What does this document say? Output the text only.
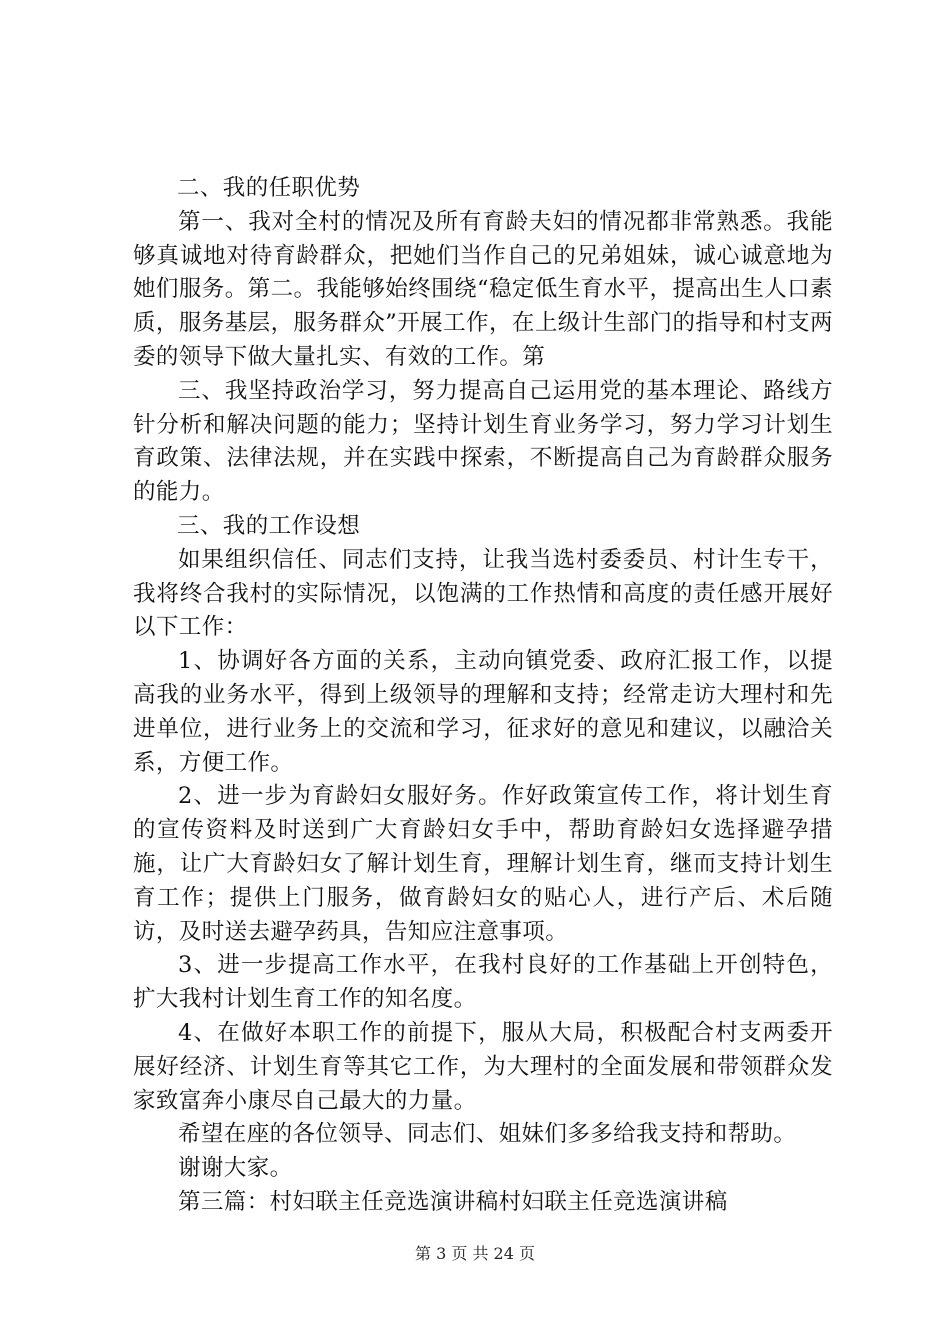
二、我的任职优势

第一、我对全村的情况及所有育龄夫妇的情况都非常熟悉。我能够真诚地对待育龄群众，把她们当作自己的兄弟姐妹，诚心诚意地为她们服务。第二。我能够始终围绕“稳定低生育水平，提高出生人口素质，服务基层，服务群众”开展工作，在上级计生部门的指导和村支两委的领导下做大量扎实、有效的工作。第

三、我坚持政治学习，努力提高自己运用党的基本理论、路线方针分析和解决问题的能力；坚持计划生育业务学习，努力学习计划生育政策、法律法规，并在实践中探索，不断提高自己为育龄群众服务的能力。

三、我的工作设想

如果组织信任、同志们支持，让我当选村委委员、村计生专干，我将终合我村的实际情况，以饱满的工作热情和高度的责任感开展好以下工作：

1、协调好各方面的关系，主动向镇党委、政府汇报工作，以提高我的业务水平，得到上级领导的理解和支持；经常走访大理村和先进单位，进行业务上的交流和学习，征求好的意见和建议，以融洽关系，方便工作。

2、进一步为育龄妇女服好务。作好政策宣传工作，将计划生育的宣传资料及时送到广大育龄妇女手中，帮助育龄妇女选择避孕措施，让广大育龄妇女了解计划生育，理解计划生育，继而支持计划生育工作；提供上门服务，做育龄妇女的贴心人，进行产后、术后随访，及时送去避孕药具，告知应注意事项。

3、进一步提高工作水平，在我村良好的工作基础上开创特色，扩大我村计划生育工作的知名度。

4、在做好本职工作的前提下，服从大局，积极配合村支两委开展好经济、计划生育等其它工作，为大理村的全面发展和带领群众发家致富奔小康尽自己最大的力量。

希望在座的各位领导、同志们、姐妹们多多给我支持和帮助。

谢谢大家。

第三篇：村妇联主任竞选演讲稿村妇联主任竞选演讲稿

第 3 页 共 24 页
